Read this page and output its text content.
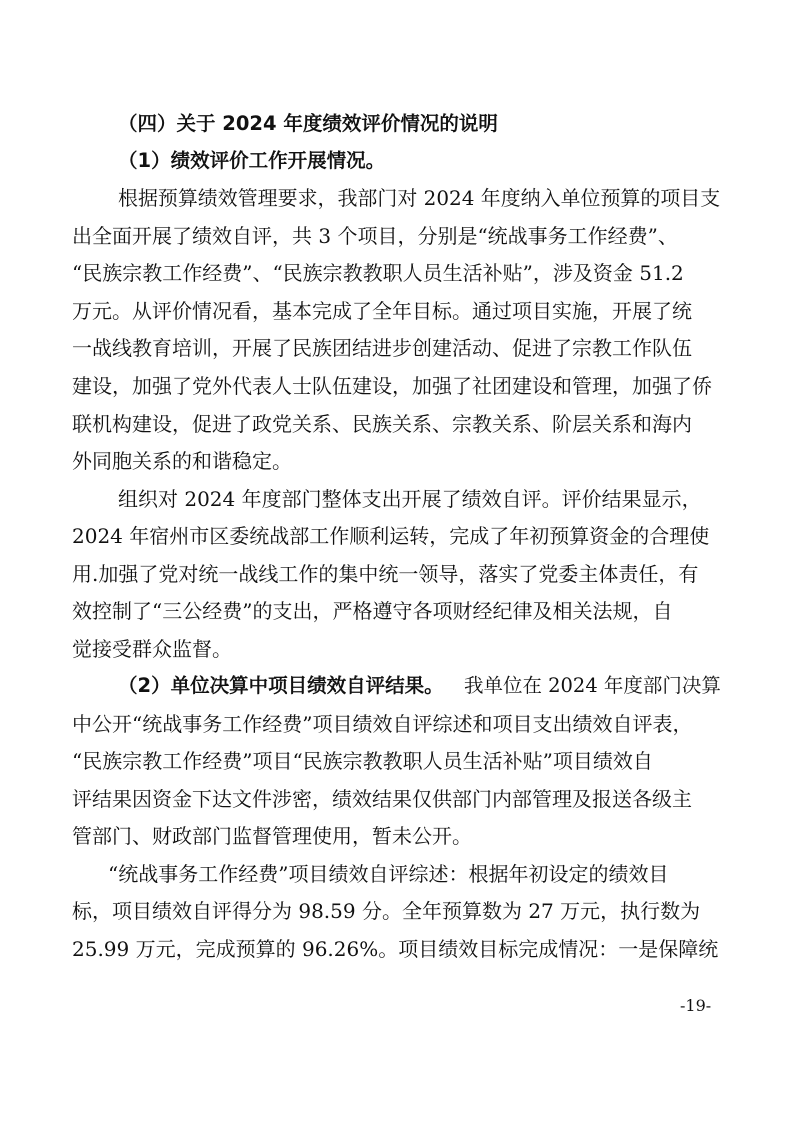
（四）关于 2024 年度绩效评价情况的说明
（1）绩效评价工作开展情况。
根据预算绩效管理要求，我部门对 2024 年度纳入单位预算的项目支
出全面开展了绩效自评，共 3 个项目，分别是“统战事务工作经费”、
“民族宗教工作经费”、“民族宗教教职人员生活补贴”，涉及资金 51.2
万元。从评价情况看，基本完成了全年目标。通过项目实施，开展了统
一战线教育培训，开展了民族团结进步创建活动、促进了宗教工作队伍
建设，加强了党外代表人士队伍建设，加强了社团建设和管理，加强了侨
联机构建设，促进了政党关系、民族关系、宗教关系、阶层关系和海内
外同胞关系的和谐稳定。
组织对 2024 年度部门整体支出开展了绩效自评。评价结果显示，
2024 年宿州市区委统战部工作顺利运转，完成了年初预算资金的合理使
用.加强了党对统一战线工作的集中统一领导，落实了党委主体责任，有
效控制了“三公经费”的支出，严格遵守各项财经纪律及相关法规，自
觉接受群众监督。
（2）单位决算中项目绩效自评结果。 我单位在 2024 年度部门决算
中公开“统战事务工作经费”项目绩效自评综述和项目支出绩效自评表，
“民族宗教工作经费”项目“民族宗教教职人员生活补贴”项目绩效自
评结果因资金下达文件涉密，绩效结果仅供部门内部管理及报送各级主
管部门、财政部门监督管理使用，暂未公开。
“统战事务工作经费”项目绩效自评综述：根据年初设定的绩效目
标，项目绩效自评得分为 98.59 分。全年预算数为 27 万元，执行数为
25.99 万元，完成预算的 96.26%。项目绩效目标完成情况：一是保障统
-19-
